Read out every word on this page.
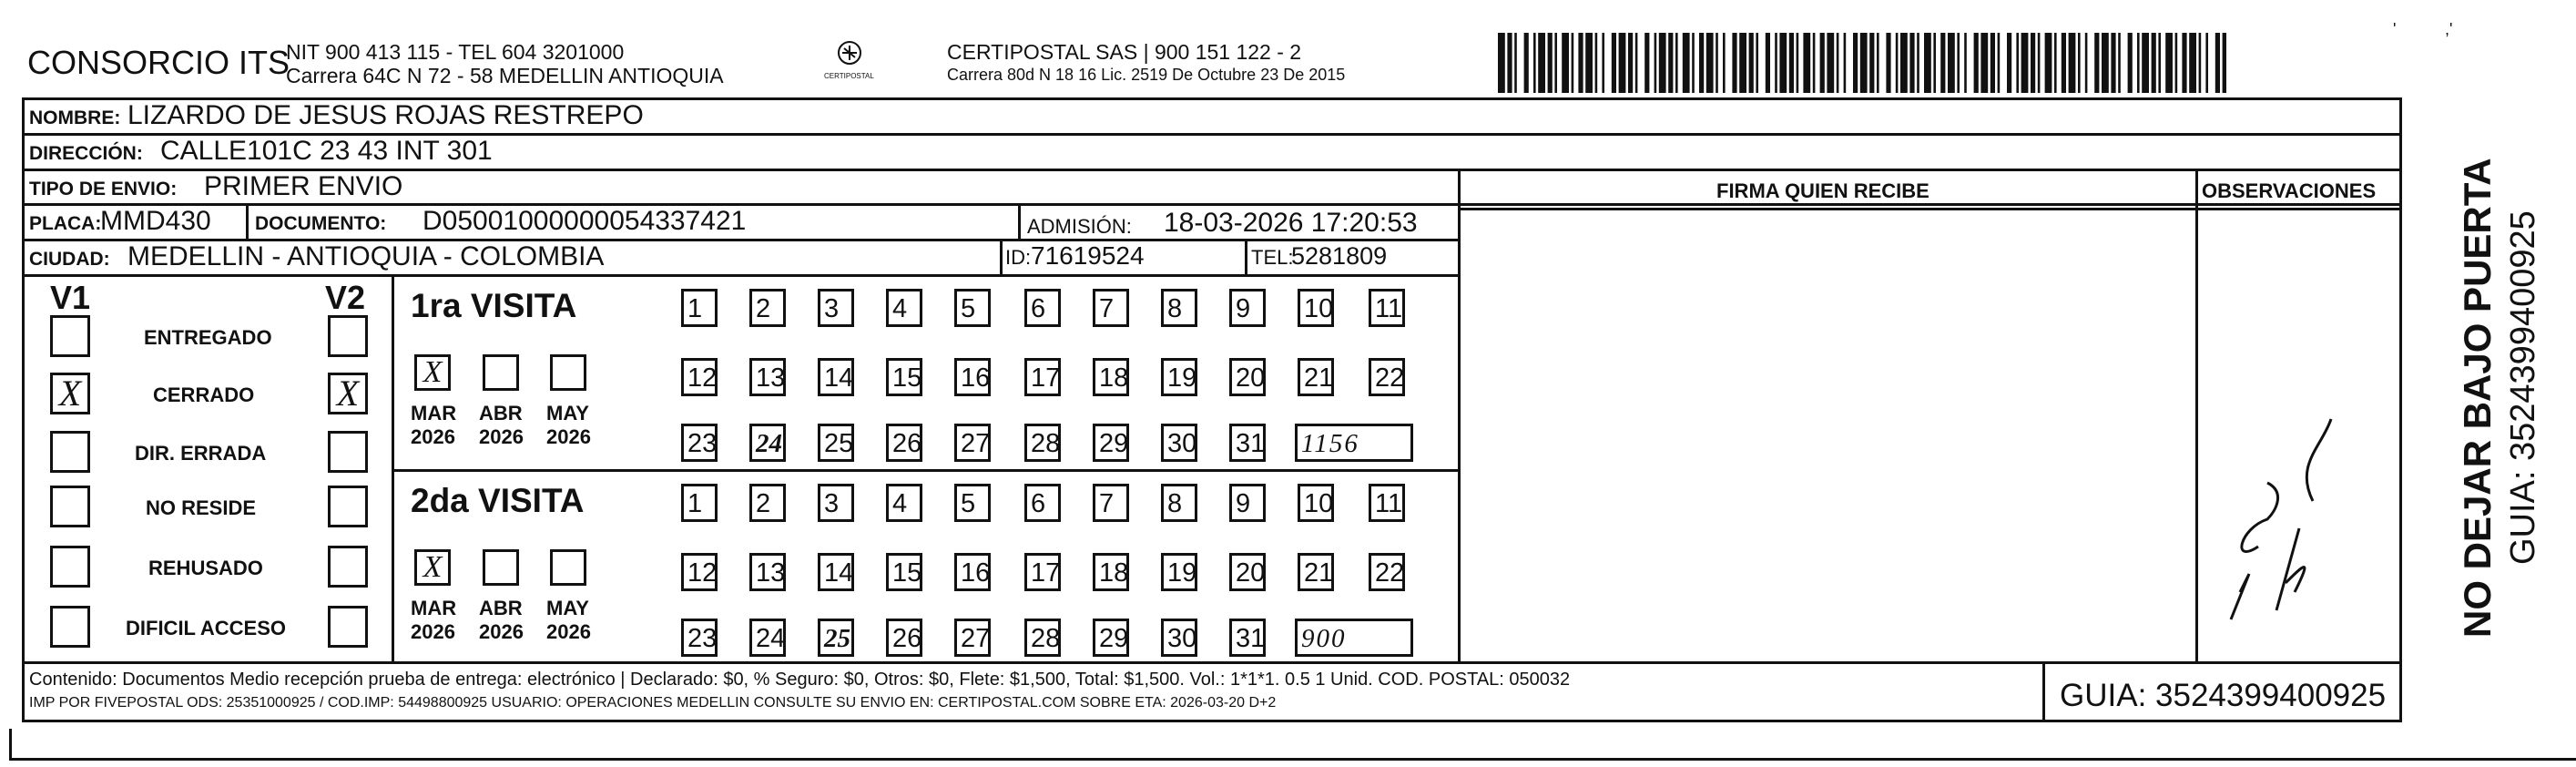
CONSORCIO ITS
NIT 900 413 115 - TEL 604 3201000
Carrera 64C N 72 - 58 MEDELLIN ANTIOQUIA	CERTIPOSTAL
CERTIPOSTAL SAS | 900 151 122 - 2
Carrera 80d N 18 16 Lic. 2519 De Octubre 23 De 2015
'	,'
NOMBRE: LIZARDO DE JESUS ROJAS RESTREPO
DIRECCIÓN: CALLE101C 23 43 INT 301
TIPO DE ENVIO: PRIMER ENVIO
PLACA:
MMD430 DOCUMENTO: D05001000000054337421	ADMISIÓN: 18-03-2026 17:20:53
CIUDAD: MEDELLIN - ANTIOQUIA - COLOMBIA	ID: 71619524	TEL:
5281809
FIRMA QUIEN RECIBE	OBSERVACIONES
V1	V2
ENTREGADO
X	CERRADO X
DIR. ERRADA
NO RESIDE
REHUSADO
DIFICIL ACCESO
1ra VISITA
X
MAR
2026
ABR
2026
MAY
2026
1	2	3	4	5	6	7	8	9	10 11
12 13 14 15 16 17 18 19 20 21 22
23 24 25 26 27 28 29 30 31 1156
2da VISITA
X
MAR
2026
ABR
2026
MAY
2026
1	2	3	4	5	6	7	8	9	10 11
12 13 14 15 16 17 18 19 20 21 22
23 24 25 26 27 28 29 30 31 900
NO DEJAR BAJO PUERTA GUIA: 3524399400925
Contenido: Documentos Medio recepción prueba de entrega: electrónico | Declarado: $0, % Seguro: $0, Otros: $0, Flete: $1,500, Total: $1,500. Vol.: 1*1*1. 0.5 1 Unid. COD. POSTAL: 050032
IMP POR FIVEPOSTAL ODS: 25351000925 / COD.IMP: 54498800925 USUARIO: OPERACIONES MEDELLIN CONSULTE SU ENVIO EN: CERTIPOSTAL.COM SOBRE ETA: 2026-03-20 D+2	GUIA: 3524399400925
